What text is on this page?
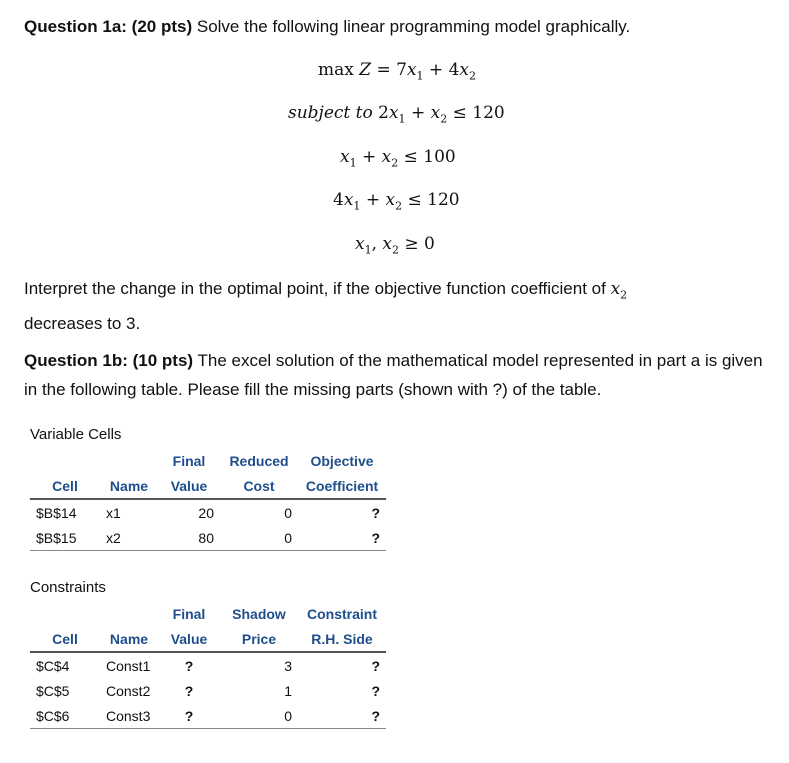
Question 1a: (20 pts) Solve the following linear programming model graphically.
$\max Z = 7x_1 + 4x_2$
subject to $2x_1 + x_2 \le 120$
$x_1 + x_2 \le 100$
$4x_1 + x_2 \le 120$
$x_1$, $x_2 \ge 0$
Interpret the change in the optimal point, if the objective function coefficient of $x_2$
decreases to 3.
Question 1b: (10 pts) The excel solution of the mathematical model represented in part a is given in the following table. Please fill the missing parts (shown with ?) of the table.
Variable Cells
		Final	Reduced	Objective
Cell	Name	Value	Cost	Coefficient
$B$14	x1	20	0	?
$B$15	x2	80	0	?
Constraints
		Final	Shadow	Constraint
Cell	Name	Value	Price	R.H. Side
$C$4	Const1	?	3	?
$C$5	Const2	?	1	?
$C$6	Const3	?	0	?
